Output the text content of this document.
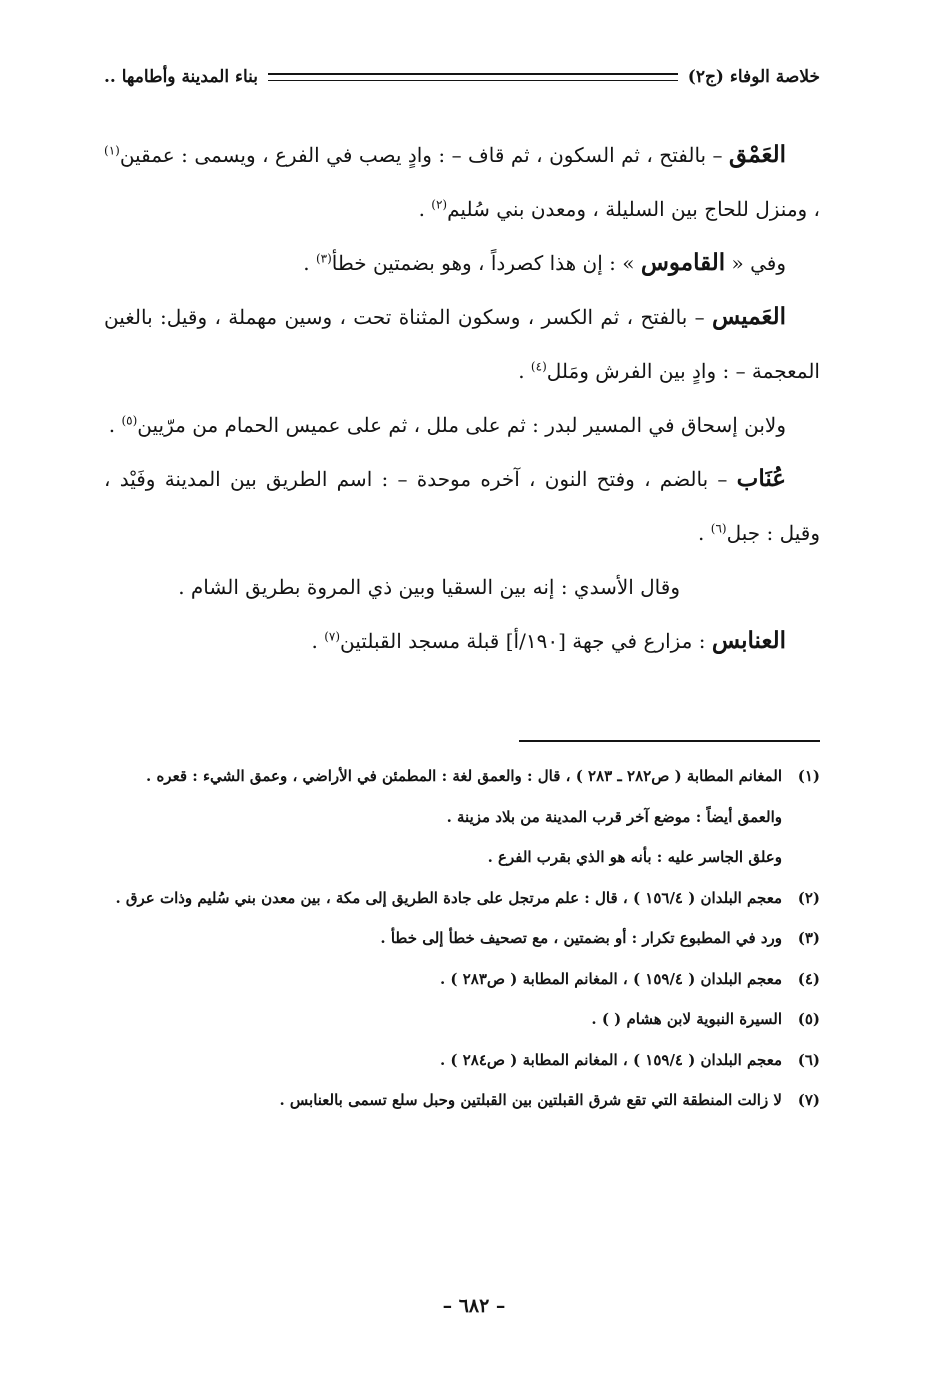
خلاصة الوفاء (ج٢)
بناء المدينة وأطامها ..

العَمْق – بالفتح ، ثم السكون ، ثم قاف – : وادٍ يصب في الفرع ، ويسمى : عمقين$^{(١)}$ ، ومنزل للحاج بين السليلة ، ومعدن بني سُليم$^{(٢)}$ .

وفي « القاموس » : إن هذا كصرداً ، وهو بضمتين خطأ$^{(٣)}$ .

العَميس – بالفتح ، ثم الكسر ، وسكون المثناة تحت ، وسين مهملة ، وقيل: بالغين المعجمة – : وادٍ بين الفرش ومَلل$^{(٤)}$ .

ولابن إسحاق في المسير لبدر : ثم على ملل ، ثم على عميس الحمام من مرّيين$^{(٥)}$ .

عُنَاب – بالضم ، وفتح النون ، آخره موحدة – : اسم الطريق بين المدينة وفَيْد ، وقيل : جبل$^{(٦)}$ .

وقال الأسدي : إنه بين السقيا وبين ذي المروة بطريق الشام .

العنابس : مزارع في جهة [١٩٠/أ] قبلة مسجد القبلتين$^{(٧)}$ .

(١)
المغانم المطابة ( ص٢٨٢ ـ ٢٨٣ ) ، قال : والعمق لغة : المطمئن في الأراضي ، وعمق الشيء : قعره .
والعمق أيضاً : موضع آخر قرب المدينة من بلاد مزينة .
وعلق الجاسر عليه : بأنه هو الذي بقرب الفرع .
(٢)
معجم البلدان ( ١٥٦/٤ ) ، قال : علم مرتجل على جادة الطريق إلى مكة ، بين معدن بني سُليم وذات عرق .
(٣)
ورد في المطبوع تكرار : أو بضمتين ، مع تصحيف خطأ إلى خطأ .
(٤)
معجم البلدان ( ١٥٩/٤ ) ، المغانم المطابة ( ص٢٨٣ ) .
(٥)
السيرة النبوية لابن هشام ( ) .
(٦)
معجم البلدان ( ١٥٩/٤ ) ، المغانم المطابة ( ص٢٨٤ ) .
(٧)
لا زالت المنطقة التي تقع شرق القبلتين بين القبلتين وحبل سلع تسمى بالعنابس .
– ٦٨٢ –
